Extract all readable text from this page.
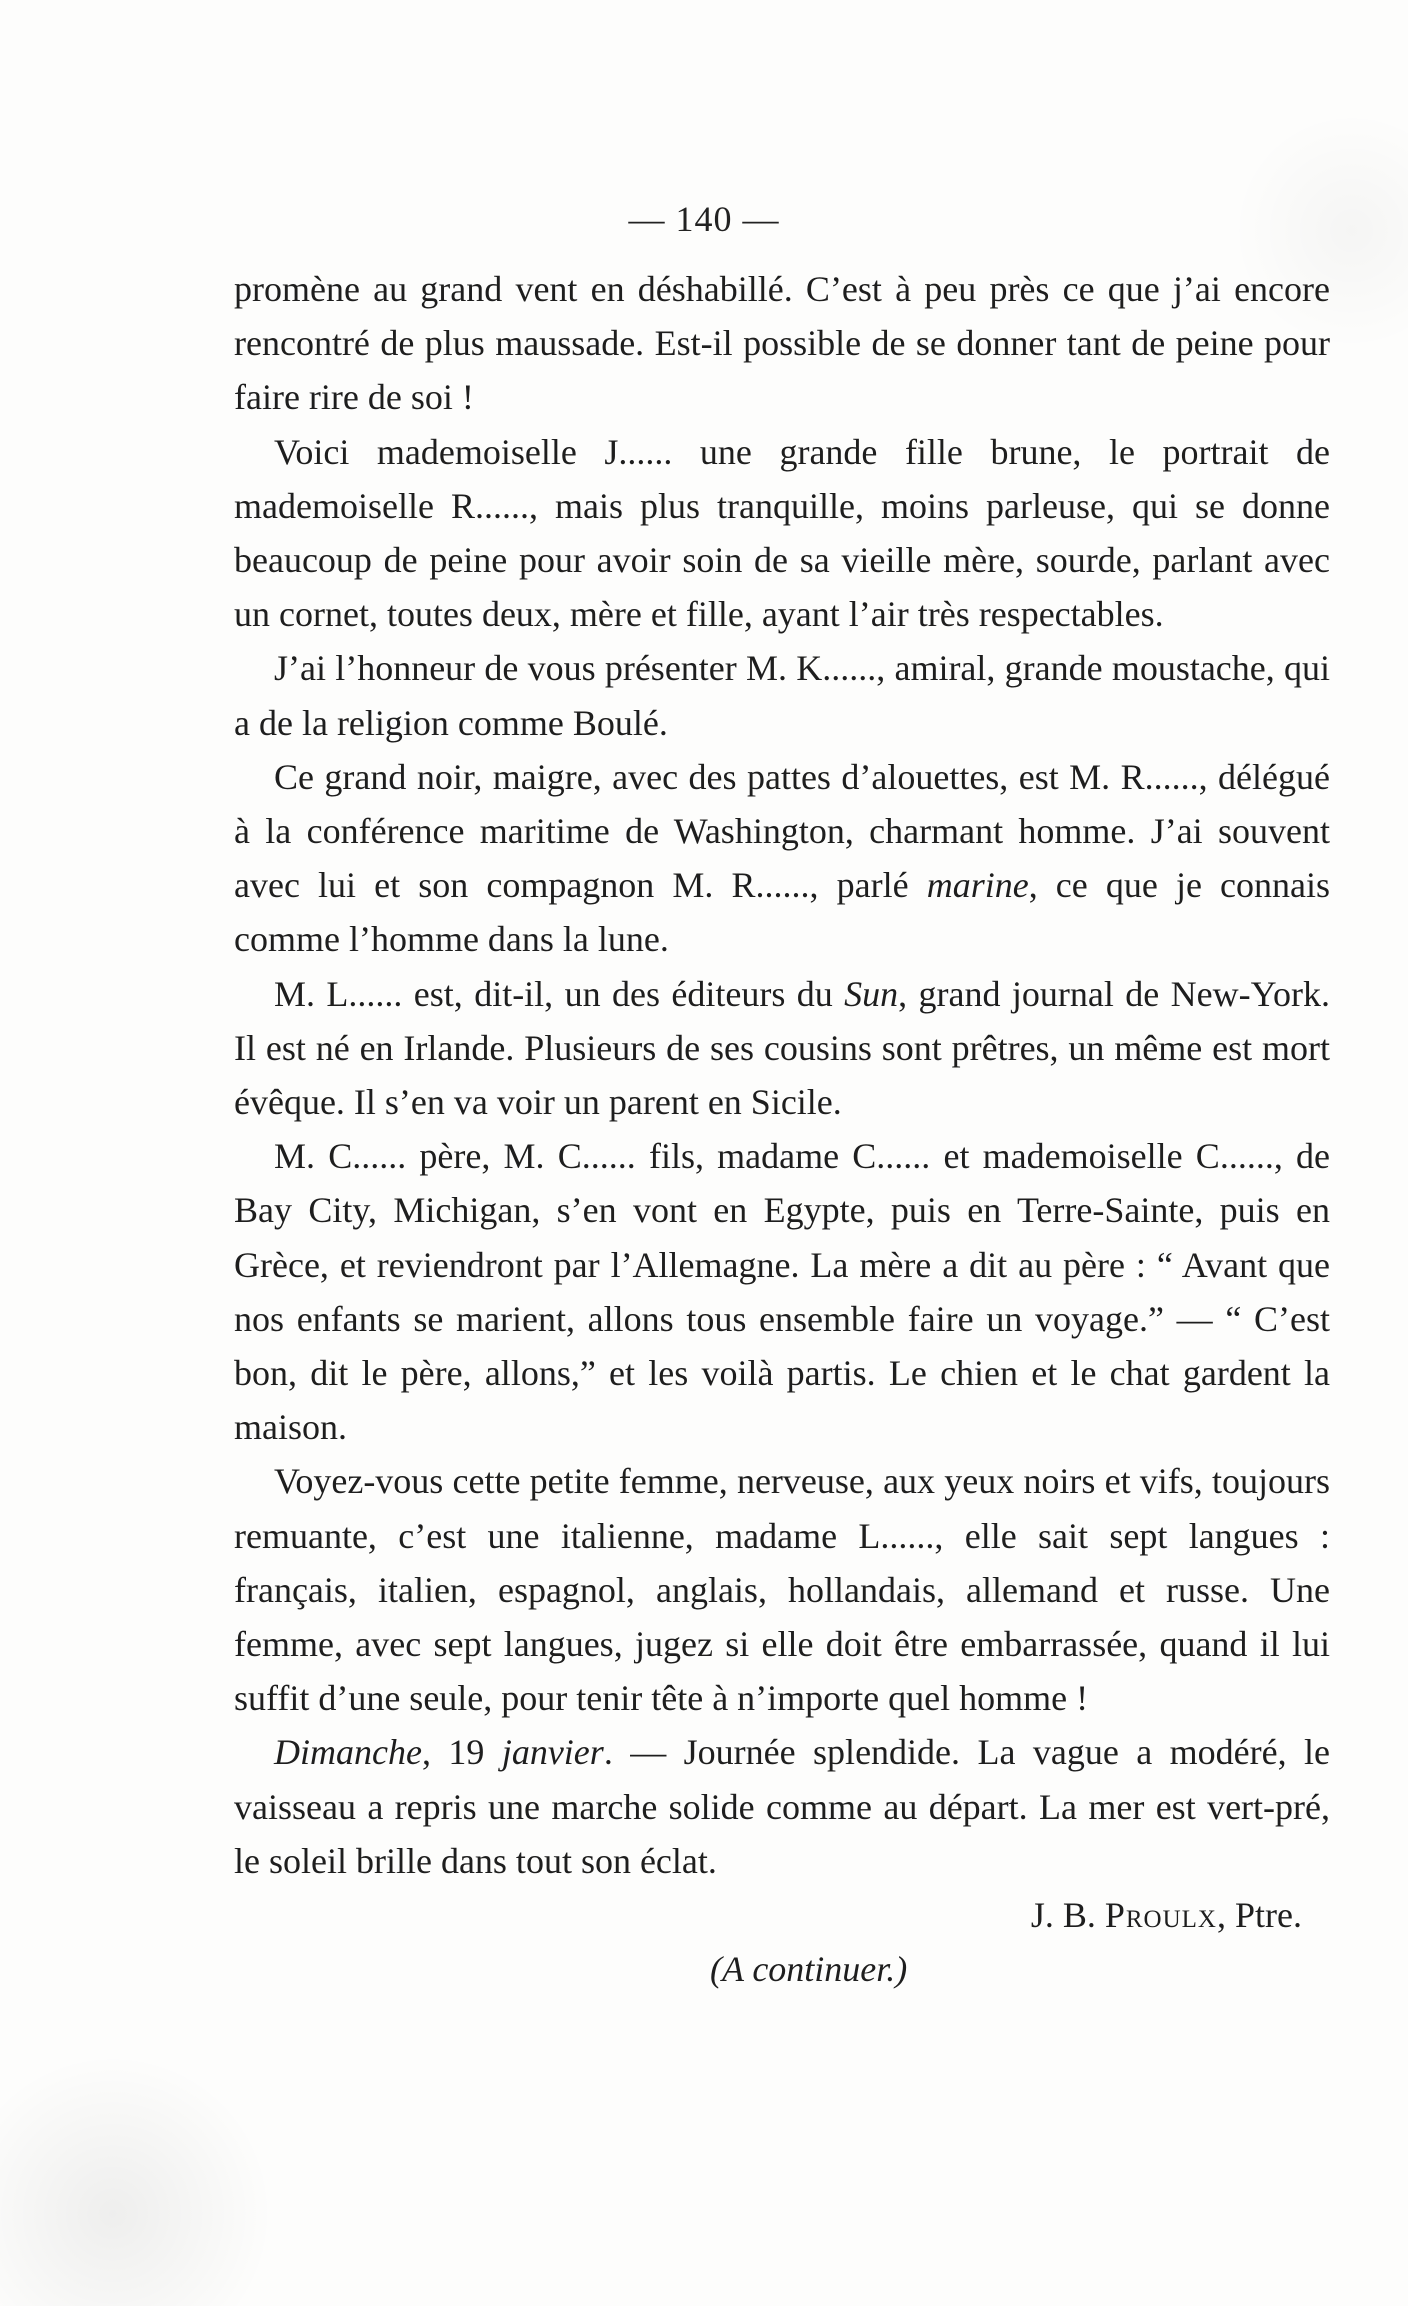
— 140 —

promène au grand vent en déshabillé. C’est à peu près ce que j’ai encore rencontré de plus maussade. Est-il possible de se donner tant de peine pour faire rire de soi !

Voici mademoiselle J...... une grande fille brune, le portrait de mademoiselle R......, mais plus tranquille, moins parleuse, qui se donne beaucoup de peine pour avoir soin de sa vieille mère, sourde, parlant avec un cornet, toutes deux, mère et fille, ayant l’air très respectables.

J’ai l’honneur de vous présenter M. K......, amiral, grande moustache, qui a de la religion comme Boulé.

Ce grand noir, maigre, avec des pattes d’alouettes, est M. R......, délégué à la conférence maritime de Washington, charmant homme. J’ai souvent avec lui et son compagnon M. R......, parlé marine, ce que je connais comme l’homme dans la lune.

M. L...... est, dit-il, un des éditeurs du Sun, grand journal de New-York. Il est né en Irlande. Plusieurs de ses cousins sont prêtres, un même est mort évêque. Il s’en va voir un parent en Sicile.

M. C...... père, M. C...... fils, madame C...... et mademoiselle C......, de Bay City, Michigan, s’en vont en Egypte, puis en Terre-Sainte, puis en Grèce, et reviendront par l’Allemagne. La mère a dit au père : “ Avant que nos enfants se marient, allons tous ensemble faire un voyage.” — “ C’est bon, dit le père, allons,” et les voilà partis. Le chien et le chat gardent la maison.

Voyez-vous cette petite femme, nerveuse, aux yeux noirs et vifs, toujours remuante, c’est une italienne, madame L......, elle sait sept langues : français, italien, espagnol, anglais, hollandais, allemand et russe. Une femme, avec sept langues, jugez si elle doit être embarrassée, quand il lui suffit d’une seule, pour tenir tête à n’importe quel homme !

Dimanche, 19 janvier. — Journée splendide. La vague a modéré, le vaisseau a repris une marche solide comme au départ. La mer est vert-pré, le soleil brille dans tout son éclat.

J. B. Proulx, Ptre.

(A continuer.)
